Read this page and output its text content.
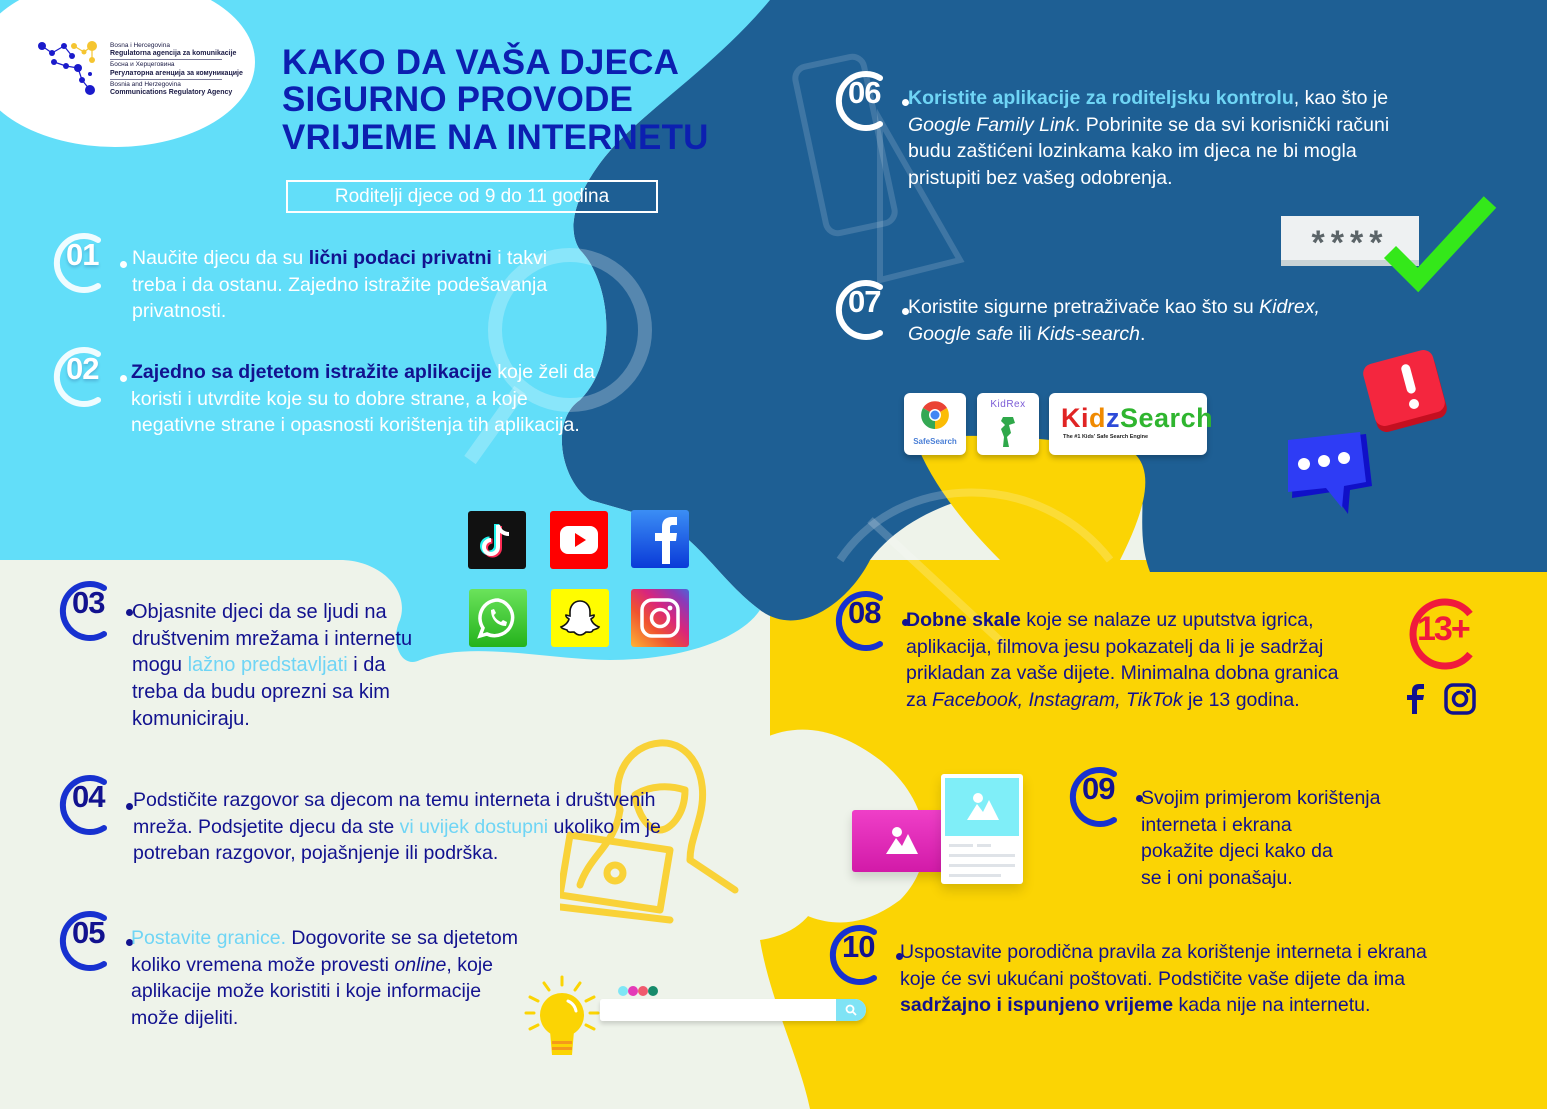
Bosna i Hercegovina
Regulatorna agencija za komunikacije
Босна и Херцеговина
Регулаторна агенција за комуникације
Bosnia and Herzegovina
Communications Regulatory Agency
KAKO DA VAŠA DJECA
SIGURNO PROVODE
VRIJEME NA INTERNETU
Roditelji djece od 9 do 11 godina
01 Naučite djecu da su lični podaci privatni i takvi treba i da ostanu. Zajedno istražite podešavanja privatnosti.
02 Zajedno sa djetetom istražite aplikacije koje želi da koristi i utvrdite koje su to dobre strane, a koje negativne strane i opasnosti korištenja tih aplikacija.
03 Objasnite djeci da se ljudi na društvenim mrežama i internetu mogu lažno predstavljati i da treba da budu oprezni sa kim komuniciraju.
04 Podstičite razgovor sa djecom na temu interneta i društvenih mreža. Podsjetite djecu da ste vi uvijek dostupni ukoliko im je potreban razgovor, pojašnjenje ili podrška.
05 Postavite granice. Dogovorite se sa djetetom koliko vremena može provesti online, koje aplikacije može koristiti i koje informacije može dijeliti.
06 Koristite aplikacije za roditeljsku kontrolu, kao što je Google Family Link. Pobrinite se da svi korisnički računi budu zaštićeni lozinkama kako im djeca ne bi mogla pristupiti bez vašeg odobrenja.
****
07 Koristite sigurne pretraživače kao što su Kidrex, Google safe ili Kids-search.
SafeSearch
KidRex	KidzSearch
The #1 Kids' Safe Search Engine
08 Dobne skale koje se nalaze uz uputstva igrica, aplikacija, filmova jesu pokazatelj da li je sadržaj prikladan za vaše dijete. Minimalna dobna granica za Facebook, Instagram, TikTok je 13 godina.
13+
09 Svojim primjerom korištenja
interneta i ekrana
pokažite djeci kako da
se i oni ponašaju.
10 Uspostavite porodična pravila za korištenje interneta i ekrana koje će svi ukućani poštovati. Podstičite vaše dijete da ima sadržajno i ispunjeno vrijeme kada nije na internetu.
